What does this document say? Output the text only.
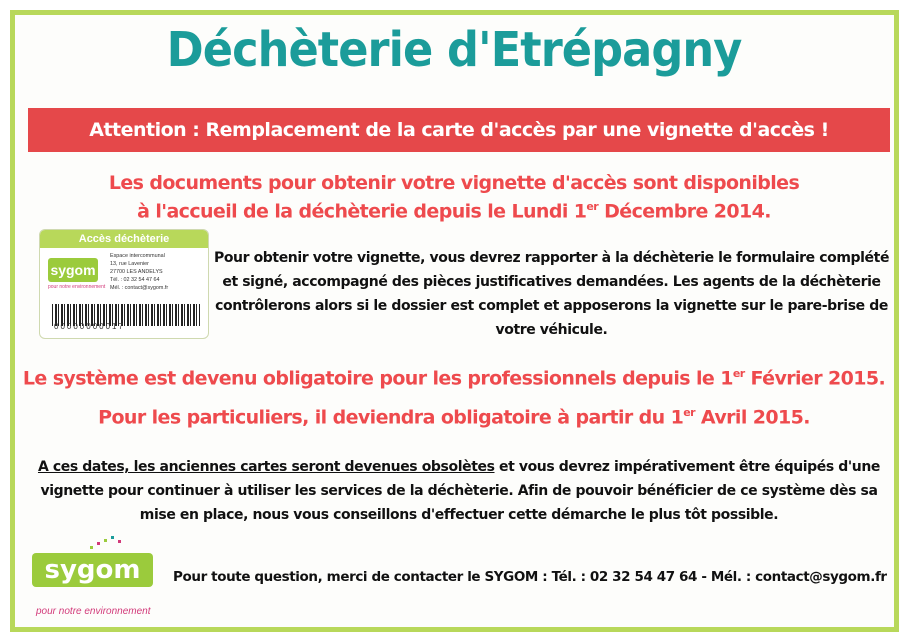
Déchèterie d'Etrépagny
Attention : Remplacement de la carte d'accès par une vignette d'accès !
Les documents pour obtenir votre vignette d'accès sont disponibles
à l'accueil de la déchèterie depuis le Lundi 1er Décembre 2014.
Accès déchèterie
sygom
pour notre environnement
Espace intercommunal
13, rue Lavenier
27700 LES ANDELYS
Tél. : 02 32 54 47 64
Mél. : contact@sygom.fr
00000000017
Pour obtenir votre vignette, vous devrez rapporter à la déchèterie le formulaire complété et signé, accompagné des pièces justificatives demandées. Les agents de la déchèterie contrôlerons alors si le dossier est complet et apposerons la vignette sur le pare-brise de votre véhicule.
Le système est devenu obligatoire pour les professionnels depuis le 1er Février 2015.
Pour les particuliers, il deviendra obligatoire à partir du 1er Avril 2015.
A ces dates, les anciennes cartes seront devenues obsolètes et vous devrez impérativement être équipés d'une vignette pour continuer à utiliser les services de la déchèterie. Afin de pouvoir bénéficier de ce système dès sa mise en place, nous vous conseillons d'effectuer cette démarche le plus tôt possible.
sygom
pour notre environnement
Pour toute question, merci de contacter le SYGOM : Tél. : 02 32 54 47 64 - Mél. : contact@sygom.fr
